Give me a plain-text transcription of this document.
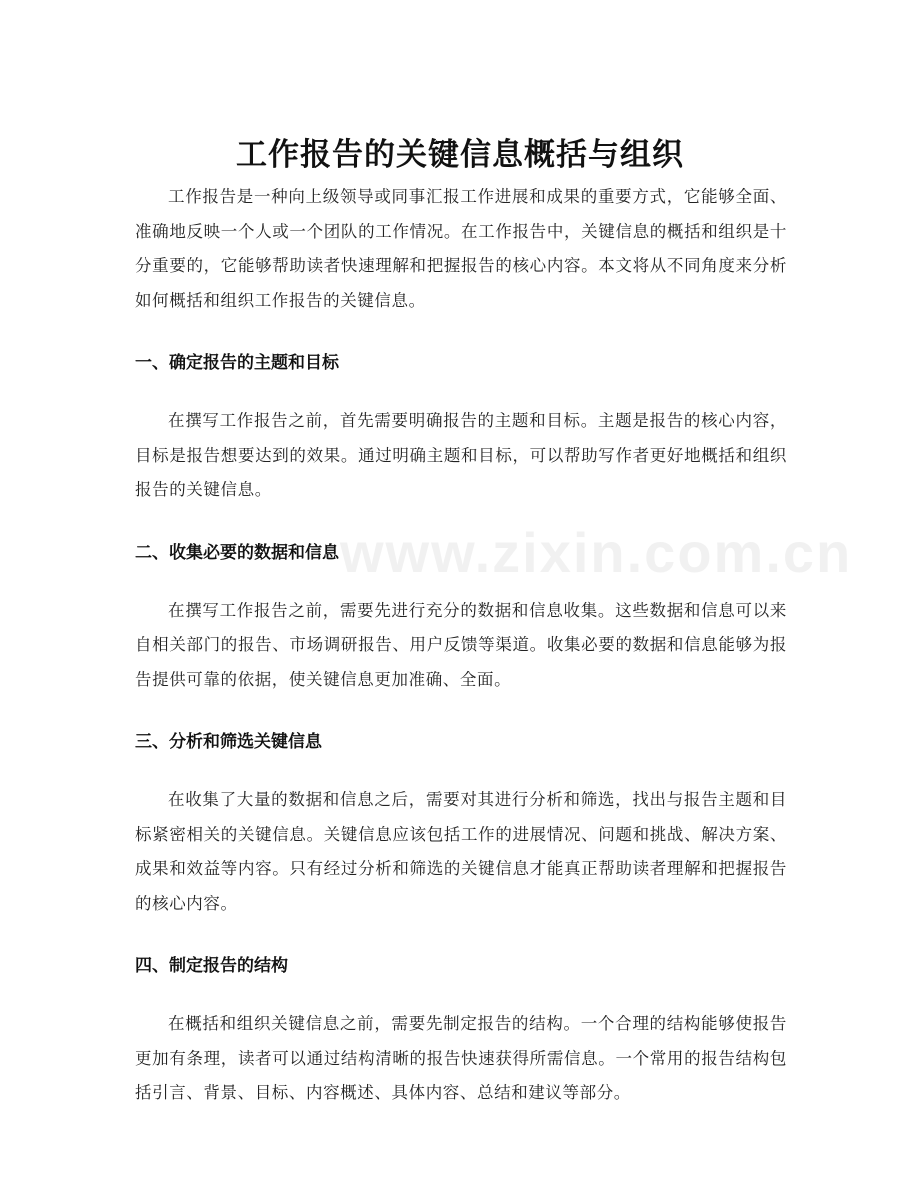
www.zixin.com.cn
工作报告的关键信息概括与组织

工作报告是一种向上级领导或同事汇报工作进展和成果的重要方式，它能够全面、准确地反映一个人或一个团队的工作情况。在工作报告中，关键信息的概括和组织是十分重要的，它能够帮助读者快速理解和把握报告的核心内容。本文将从不同角度来分析如何概括和组织工作报告的关键信息。

一、确定报告的主题和目标

在撰写工作报告之前，首先需要明确报告的主题和目标。主题是报告的核心内容，目标是报告想要达到的效果。通过明确主题和目标，可以帮助写作者更好地概括和组织报告的关键信息。

二、收集必要的数据和信息

在撰写工作报告之前，需要先进行充分的数据和信息收集。这些数据和信息可以来自相关部门的报告、市场调研报告、用户反馈等渠道。收集必要的数据和信息能够为报告提供可靠的依据，使关键信息更加准确、全面。

三、分析和筛选关键信息

在收集了大量的数据和信息之后，需要对其进行分析和筛选，找出与报告主题和目标紧密相关的关键信息。关键信息应该包括工作的进展情况、问题和挑战、解决方案、成果和效益等内容。只有经过分析和筛选的关键信息才能真正帮助读者理解和把握报告的核心内容。

四、制定报告的结构

在概括和组织关键信息之前，需要先制定报告的结构。一个合理的结构能够使报告更加有条理，读者可以通过结构清晰的报告快速获得所需信息。一个常用的报告结构包括引言、背景、目标、内容概述、具体内容、总结和建议等部分。
